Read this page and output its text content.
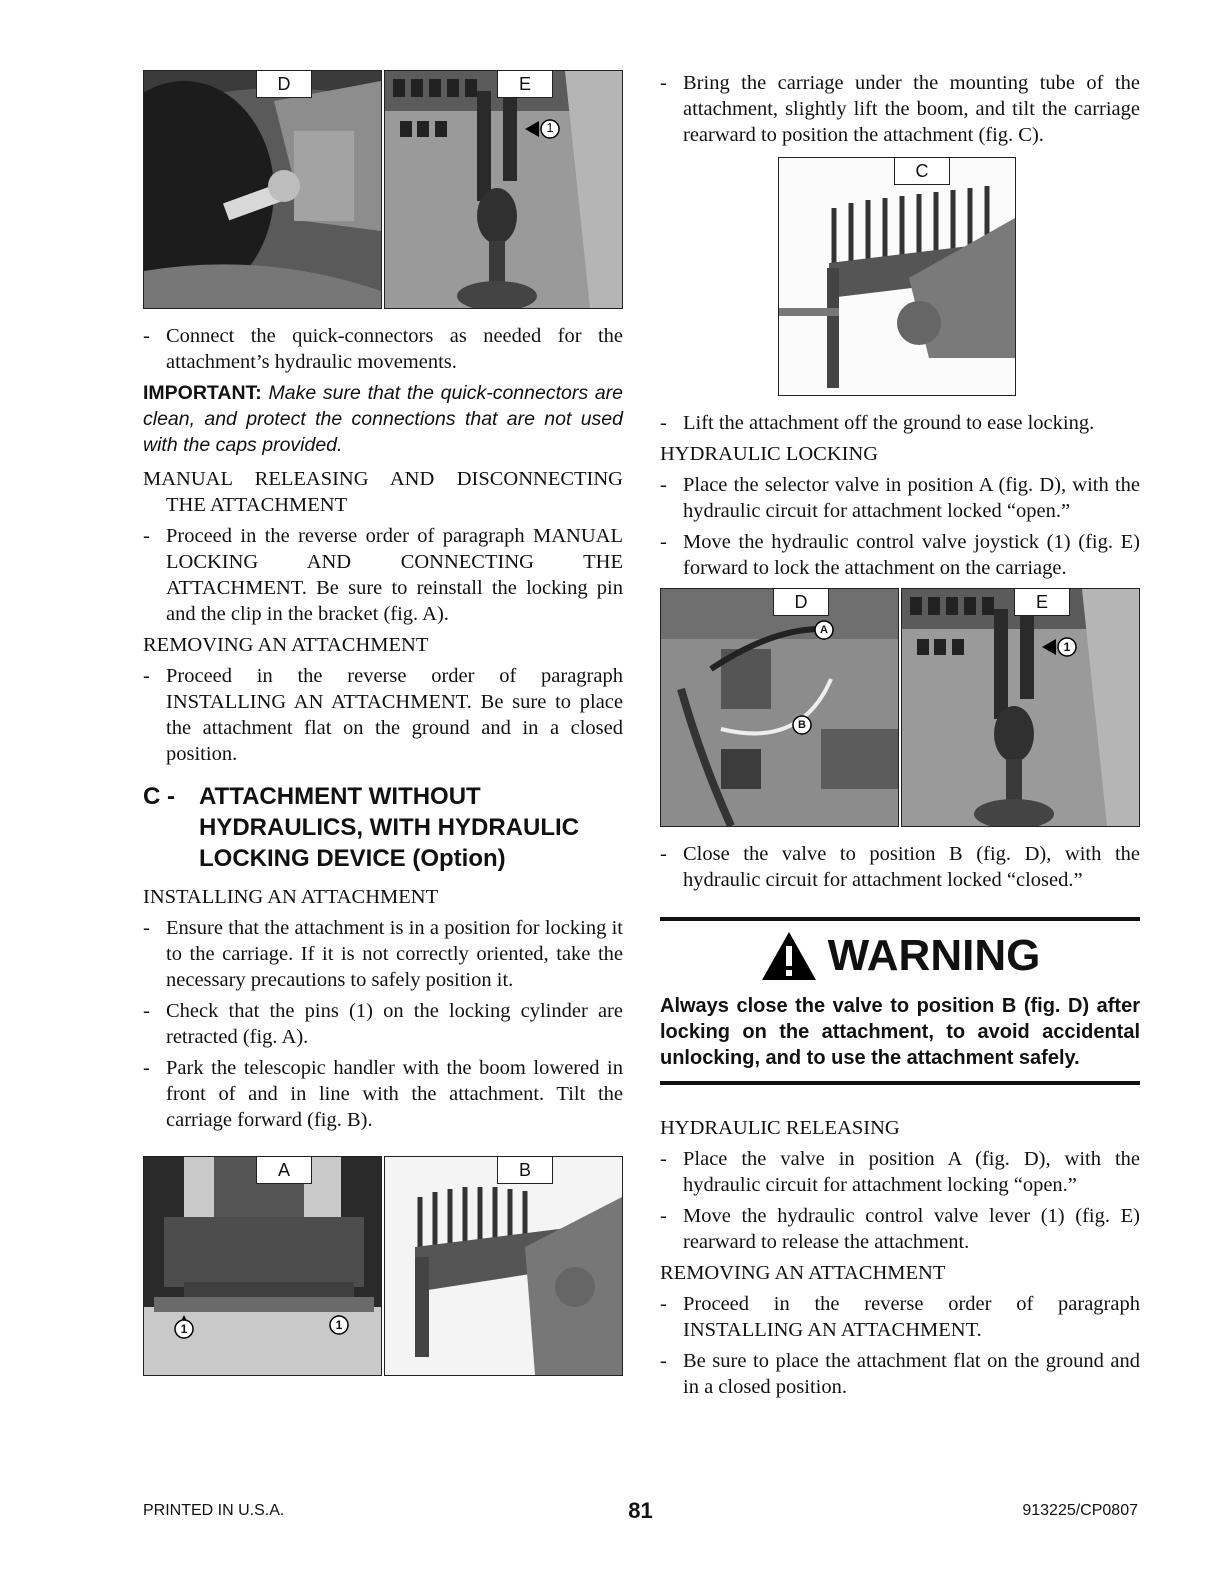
D	E
1
- Connect the quick-connectors as needed for the attachment’s hydraulic movements.
IMPORTANT: Make sure that the quick-connectors are clean, and protect the connections that are not used with the caps provided.
MANUAL RELEASING AND DISCONNECTING
THE ATTACHMENT
- Proceed in the reverse order of paragraph MANUAL LOCKING AND CONNECTING THE ATTACHMENT. Be sure to reinstall the locking pin and the clip in the bracket (fig. A).
REMOVING AN ATTACHMENT
- Proceed in the reverse order of paragraph INSTALLING AN ATTACHMENT. Be sure to place the attachment flat on the ground and in a closed position.
C -	ATTACHMENT WITHOUT HYDRAULICS, WITH HYDRAULIC LOCKING DEVICE (Option)
INSTALLING AN ATTACHMENT
- Ensure that the attachment is in a position for locking it to the carriage. If it is not correctly oriented, take the necessary precautions to safely position it.
- Check that the pins (1) on the locking cylinder are retracted (fig. A).
- Park the telescopic handler with the boom lowered in front of and in line with the attachment. Tilt the carriage forward (fig. B).
A
1	1
B
- Bring the carriage under the mounting tube of the attachment, slightly lift the boom, and tilt the carriage rearward to position the attachment (fig. C).
C
- Lift the attachment off the ground to ease locking.
HYDRAULIC LOCKING
- Place the selector valve in position A (fig. D), with the hydraulic circuit for attachment locked “open.”
- Move the hydraulic control valve joystick (1) (fig. E) forward to lock the attachment on the carriage.
D
A
B
E
1
- Close the valve to position B (fig. D), with the hydraulic circuit for attachment locked “closed.”
WARNING
Always close the valve to position B (fig. D) after locking on the attachment, to avoid accidental unlocking, and to use the attachment safely.
HYDRAULIC RELEASING
- Place the valve in position A (fig. D), with the hydraulic circuit for attachment locking “open.”
- Move the hydraulic control valve lever (1) (fig. E) rearward to release the attachment.
REMOVING AN ATTACHMENT
- Proceed in the reverse order of paragraph INSTALLING AN ATTACHMENT.
- Be sure to place the attachment flat on the ground and in a closed position.
PRINTED IN U.S.A.	81	913225/CP0807
